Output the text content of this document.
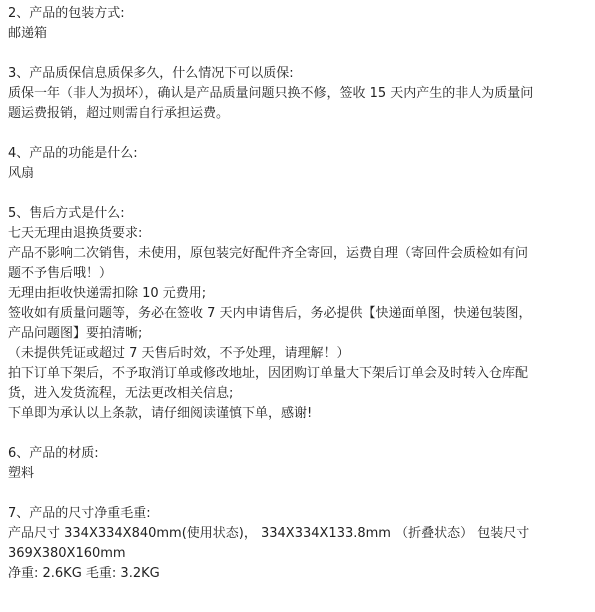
2、产品的包装方式:
邮递箱
3、产品质保信息质保多久，什么情况下可以质保:
质保一年（非人为损坏），确认是产品质量问题只换不修，签收 15 天内产生的非人为质量问
题运费报销，超过则需自行承担运费。
4、产品的功能是什么:
风扇
5、售后方式是什么:
七天无理由退换货要求:
产品不影响二次销售，未使用，原包装完好配件齐全寄回，运费自理（寄回件会质检如有问
题不予售后哦！）
无理由拒收快递需扣除 10 元费用;
签收如有质量问题等，务必在签收 7 天内申请售后，务必提供【快递面单图，快递包装图，
产品问题图】要拍清晰;
（未提供凭证或超过 7 天售后时效，不予处理，请理解！）
拍下订单下架后，不予取消订单或修改地址，因团购订单量大下架后订单会及时转入仓库配
货，进入发货流程，无法更改相关信息;
下单即为承认以上条款，请仔细阅读谨慎下单，感谢!
6、产品的材质:
塑料
7、产品的尺寸净重毛重:
产品尺寸 334X334X840mm(使用状态)， 334X334X133.8mm （折叠状态） 包装尺寸
369X380X160mm
净重: 2.6KG 毛重: 3.2KG
